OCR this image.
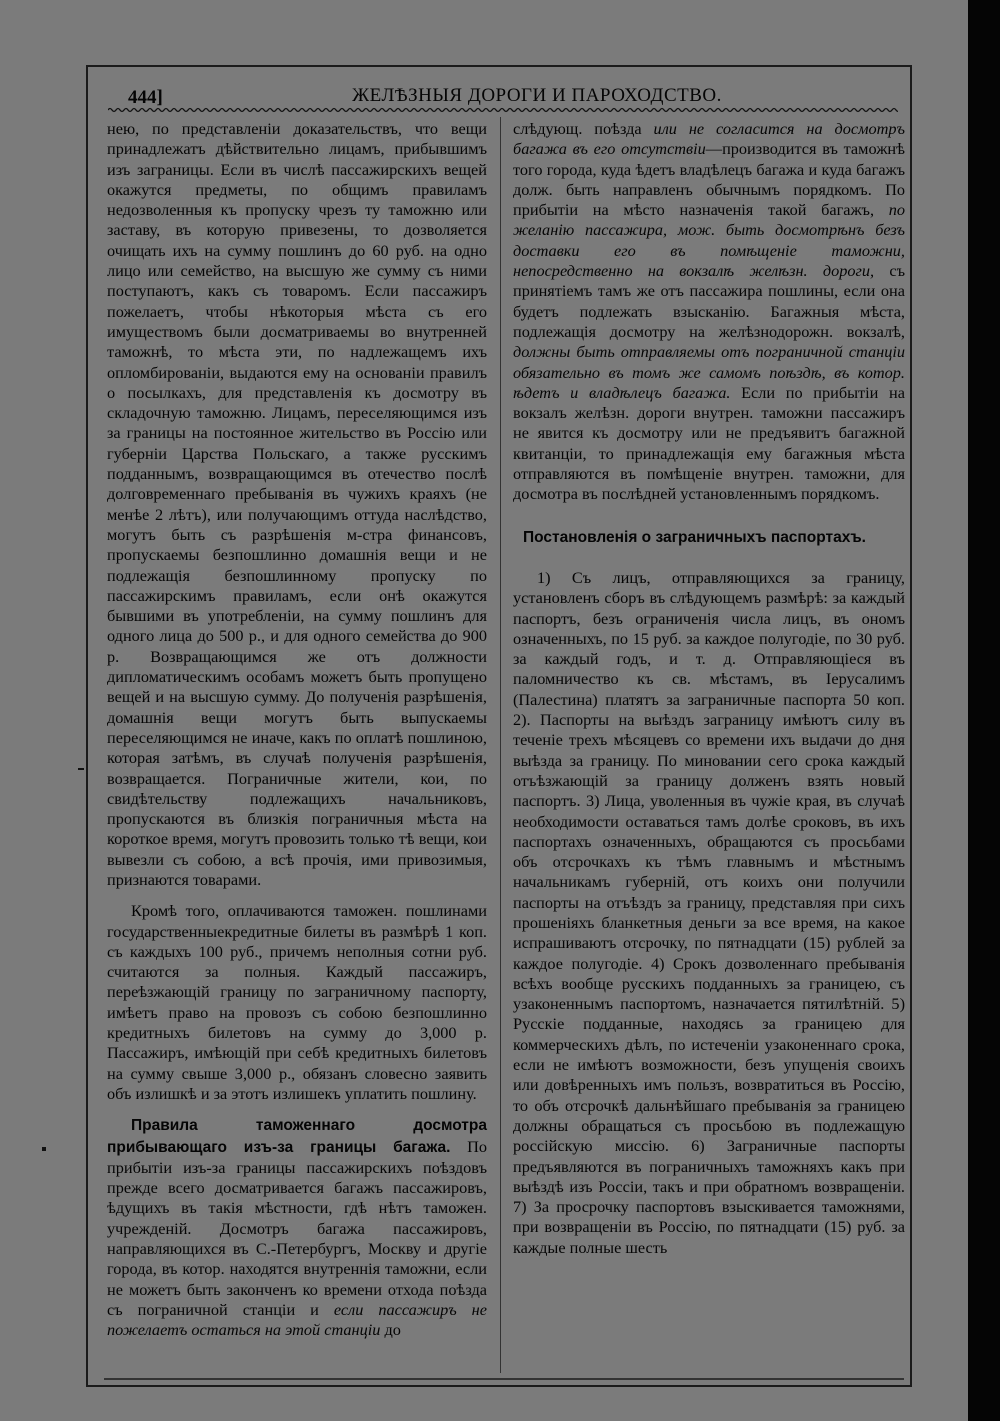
444]	ЖЕЛѢЗНЫЯ ДОРОГИ И ПАРОХОДСТВО.

нею, по представленіи доказательствъ, что вещи принадлежатъ дѣйствительно лицамъ, прибывшимъ изъ заграницы. Если въ числѣ пассажирскихъ вещей окажутся предметы, по общимъ правиламъ недозволенныя къ пропуску чрезъ ту таможню или заставу, въ которую привезены, то дозволяется очищать ихъ на сумму пошлинъ до 60 руб. на одно лицо или семейство, на высшую же сумму съ ними поступаютъ, какъ съ товаромъ. Если пассажиръ пожелаетъ, чтобы нѣкоторыя мѣста съ его имуществомъ были досматриваемы во внутренней таможнѣ, то мѣста эти, по надлежащемъ ихъ опломбированіи, выдаются ему на основаніи правилъ о посылкахъ, для представленія къ досмотру въ складочную таможню. Лицамъ, переселяющимся изъ за границы на постоянное жительство въ Россію или губерніи Царства Польскаго, а также русскимъ подданнымъ, возвращающимся въ отечество послѣ долговременнаго пребыванія въ чужихъ краяхъ (не менѣе 2 лѣтъ), или получающимъ оттуда наслѣдство, могутъ быть съ разрѣшенія м-стра финансовъ, пропускаемы безпошлинно домашнія вещи и не подлежащія безпошлинному пропуску по пассажирскимъ правиламъ, если онѣ окажутся бывшими въ употребленіи, на сумму пошлинъ для одного лица до 500 р., и для одного семейства до 900 р. Возвращающимся же отъ должности дипломатическимъ особамъ можетъ быть пропущено вещей и на высшую сумму. До полученія разрѣшенія, домашнія вещи могутъ быть выпускаемы переселяющимся не иначе, какъ по оплатѣ пошлиною, которая затѣмъ, въ случаѣ полученія разрѣшенія, возвращается. Пограничные жители, кои, по свидѣтельству подлежащихъ начальниковъ, пропускаются въ близкія пограничныя мѣста на короткое время, могутъ провозить только тѣ вещи, кои вывезли съ собою, а всѣ прочія, ими привозимыя, признаются товарами.

Кромѣ того, оплачиваются таможен. пошлинами государственныекредитные билеты въ размѣрѣ 1 коп. съ каждыхъ 100 руб., причемъ неполныя сотни руб. считаются за полныя. Каждый пассажиръ, переѣзжающій границу по заграничному паспорту, имѣетъ право на провозъ съ собою безпошлинно кредитныхъ билетовъ на сумму до 3,000 р. Пассажиръ, имѣющій при себѣ кредитныхъ билетовъ на сумму свыше 3,000 р., обязанъ словесно заявить объ излишкѣ и за этотъ излишекъ уплатить пошлину.

Правила таможеннаго досмотра прибывающаго изъ-за границы багажа. По прибытіи изъ-за границы пассажирскихъ поѣздовъ прежде всего досматривается багажъ пассажировъ, ѣдущихъ въ такія мѣстности, гдѣ нѣтъ таможен. учрежденій. Досмотръ багажа пассажировъ, направляющихся въ С.-Петербургъ, Москву и другіе города, въ котор. находятся внутреннія таможни, если не можетъ быть законченъ ко времени отхода поѣзда съ пограничной станціи и если пассажиръ не пожелаетъ остаться на этой станціи до

слѣдующ. поѣзда или не согласится на досмотръ багажа въ его отсутствіи—производится въ таможнѣ того города, куда ѣдетъ владѣлецъ багажа и куда багажъ долж. быть направленъ обычнымъ порядкомъ. По прибытіи на мѣсто назначенія такой багажъ, по желанію пассажира, мож. быть досмотрѣнъ безъ доставки его въ помѣщеніе таможни, непосредственно на вокзалѣ желѣзн. дороги, съ принятіемъ тамъ же отъ пассажира пошлины, если она будетъ подлежать взысканію. Багажныя мѣста, подлежащія досмотру на желѣзнодорожн. вокзалѣ, должны быть отправляемы отъ пограничной станціи обязательно въ томъ же самомъ поѣздѣ, въ котор. ѣдетъ и владѣлецъ багажа. Если по прибытіи на вокзалъ желѣзн. дороги внутрен. таможни пассажиръ не явится къ досмотру или не предъявитъ багажной квитанціи, то принадлежащія ему багажныя мѣста отправляются въ помѣщеніе внутрен. таможни, для досмотра въ послѣдней установленнымъ порядкомъ.

Постановленія о заграничныхъ паспортахъ.

1) Съ лицъ, отправляющихся за границу, установленъ сборъ въ слѣдующемъ размѣрѣ: за каждый паспортъ, безъ ограниченія числа лицъ, въ ономъ означенныхъ, по 15 руб. за каждое полугодіе, по 30 руб. за каждый годъ, и т. д. Отправляющіеся въ паломничество къ св. мѣстамъ, въ Іерусалимъ (Палестина) платятъ за заграничные паспорта 50 коп. 2). Паспорты на выѣздъ заграницу имѣютъ силу въ теченіе трехъ мѣсяцевъ со времени ихъ выдачи до дня выѣзда за границу. По миновании сего срока каждый отъѣзжающій за границу долженъ взять новый паспортъ. 3) Лица, уволенныя въ чужіе края, въ случаѣ необходимости оставаться тамъ долѣе сроковъ, въ ихъ паспортахъ означенныхъ, обращаются съ просьбами объ отсрочкахъ къ тѣмъ главнымъ и мѣстнымъ начальникамъ губерній, отъ коихъ они получили паспорты на отъѣздъ за границу, представляя при сихъ прошеніяхъ бланкетныя деньги за все время, на какое испрашиваютъ отсрочку, по пятнадцати (15) рублей за каждое полугодіе. 4) Срокъ дозволеннаго пребыванія всѣхъ вообще русскихъ подданныхъ за границею, съ узаконеннымъ паспортомъ, назначается пятилѣтній. 5) Русскіе подданные, находясь за границею для коммерческихъ дѣлъ, по истеченіи узаконеннаго срока, если не имѣютъ возможности, безъ упущенія своихъ или довѣренныхъ имъ пользъ, возвратиться въ Россію, то объ отсрочкѣ дальнѣйшаго пребыванія за границею должны обращаться съ просьбою въ подлежащую россійскую миссію. 6) Заграничные паспорты предъявляются въ пограничныхъ таможняхъ какъ при выѣздѣ изъ Россіи, такъ и при обратномъ возвращеніи. 7) За просрочку паспортовъ взыскивается таможнями, при возвращеніи въ Россію, по пятнадцати (15) руб. за каждые полные шесть
